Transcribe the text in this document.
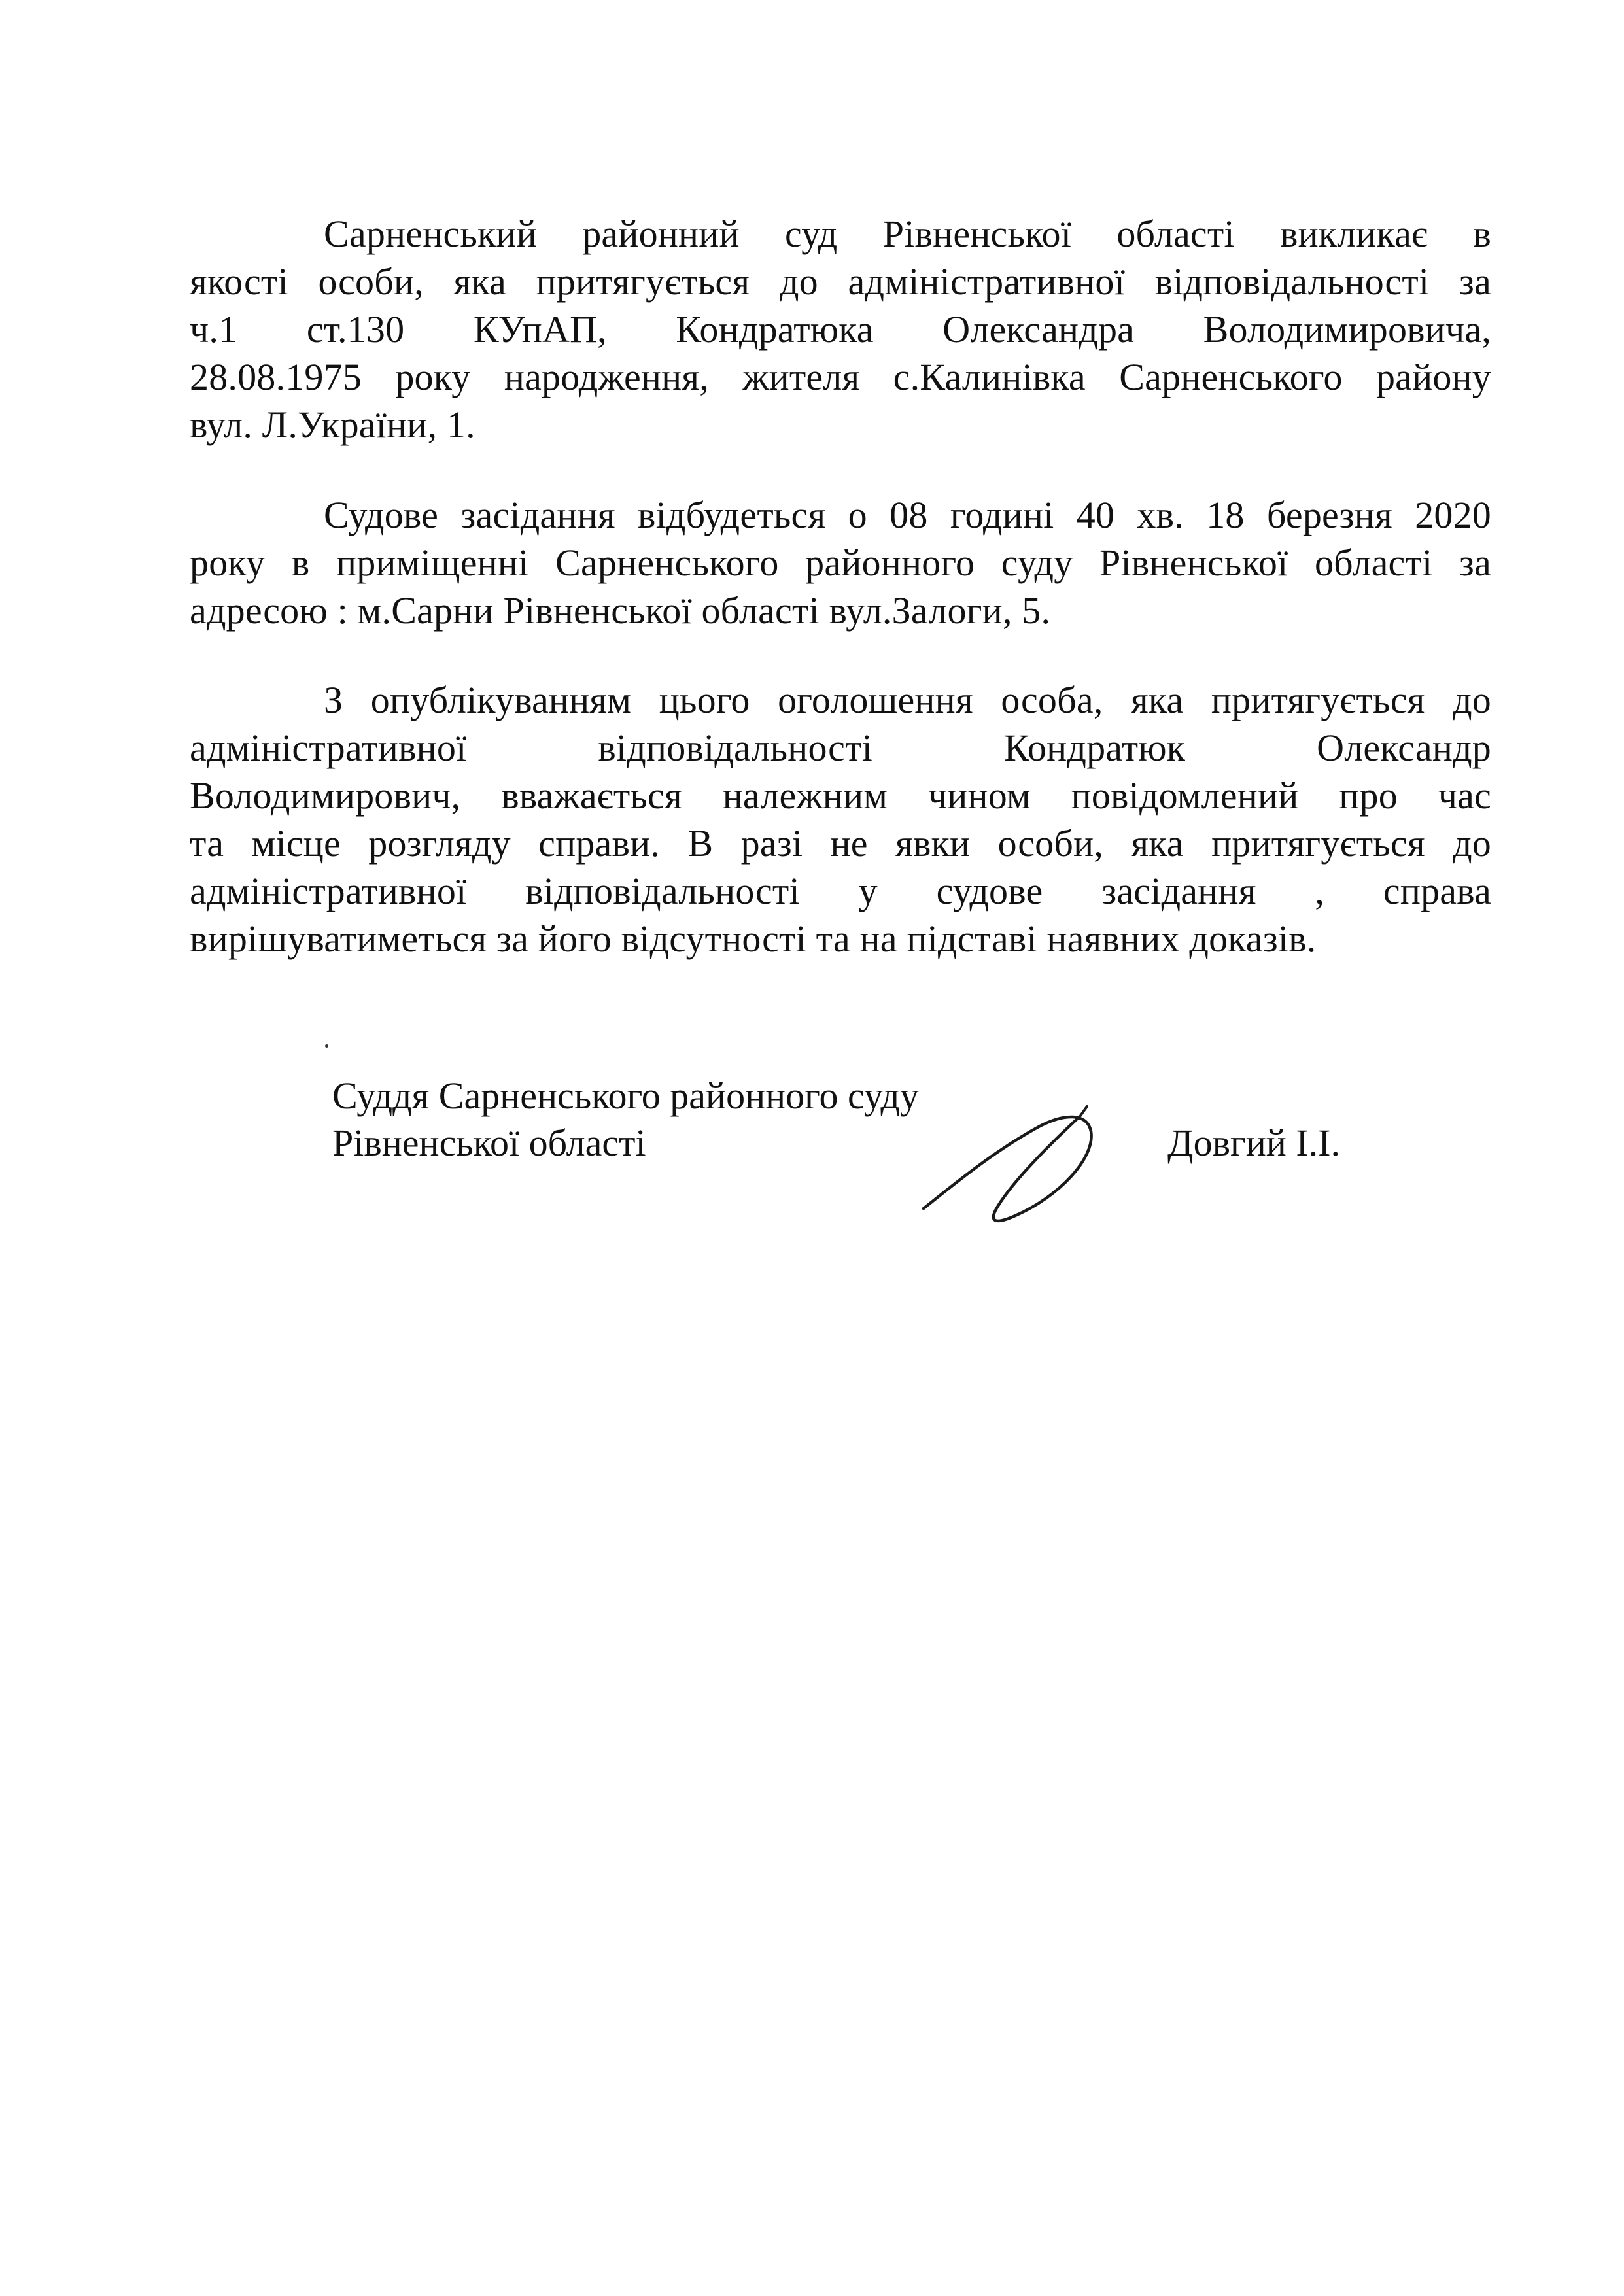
Сарненський районний суд Рівненської області викликає в
якості особи, яка притягується до адміністративної відповідальності за
ч.1 ст.130 КУпАП, Кондратюка Олександра Володимировича,
28.08.1975 року народження, жителя с.Калинівка Сарненського району
вул. Л.України, 1.
Судове засідання відбудеться о 08 годині 40 хв. 18 березня 2020
року в приміщенні Сарненського районного суду Рівненської області за
адресою : м.Сарни Рівненської області вул.Залоги, 5.
З опублікуванням цього оголошення особа, яка притягується до
адміністративної відповідальності Кондратюк Олександр
Володимирович, вважається належним чином повідомлений про час
та місце розгляду справи. В разі не явки особи, яка притягується до
адміністративної відповідальності у судове засідання , справа
вирішуватиметься за його відсутності та на підставі наявних доказів.
Суддя Сарненського районного суду
Рівненської області	Довгий І.І.
